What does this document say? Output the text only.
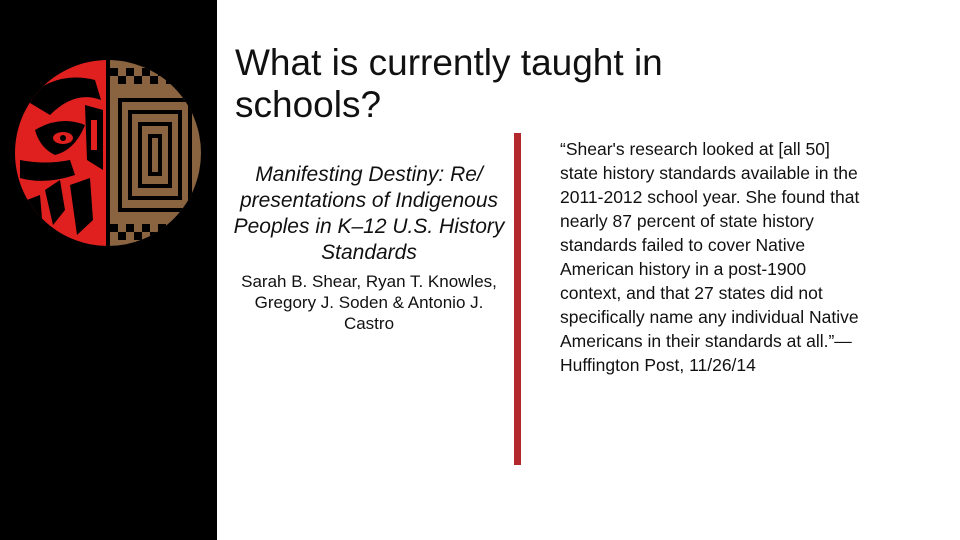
What is currently taught in schools?

Manifesting Destiny: Re/ presentations of Indigenous Peoples in K–12 U.S. History Standards

Sarah B. Shear, Ryan T. Knowles, Gregory J. Soden & Antonio J. Castro
“Shear's research looked at [all 50] state history standards available in the 2011-2012 school year. She found that nearly 87 percent of state history standards failed to cover Native American history in a post-1900 context, and that 27 states did not specifically name any individual Native Americans in their standards at all.”—Huffington Post, 11/26/14
